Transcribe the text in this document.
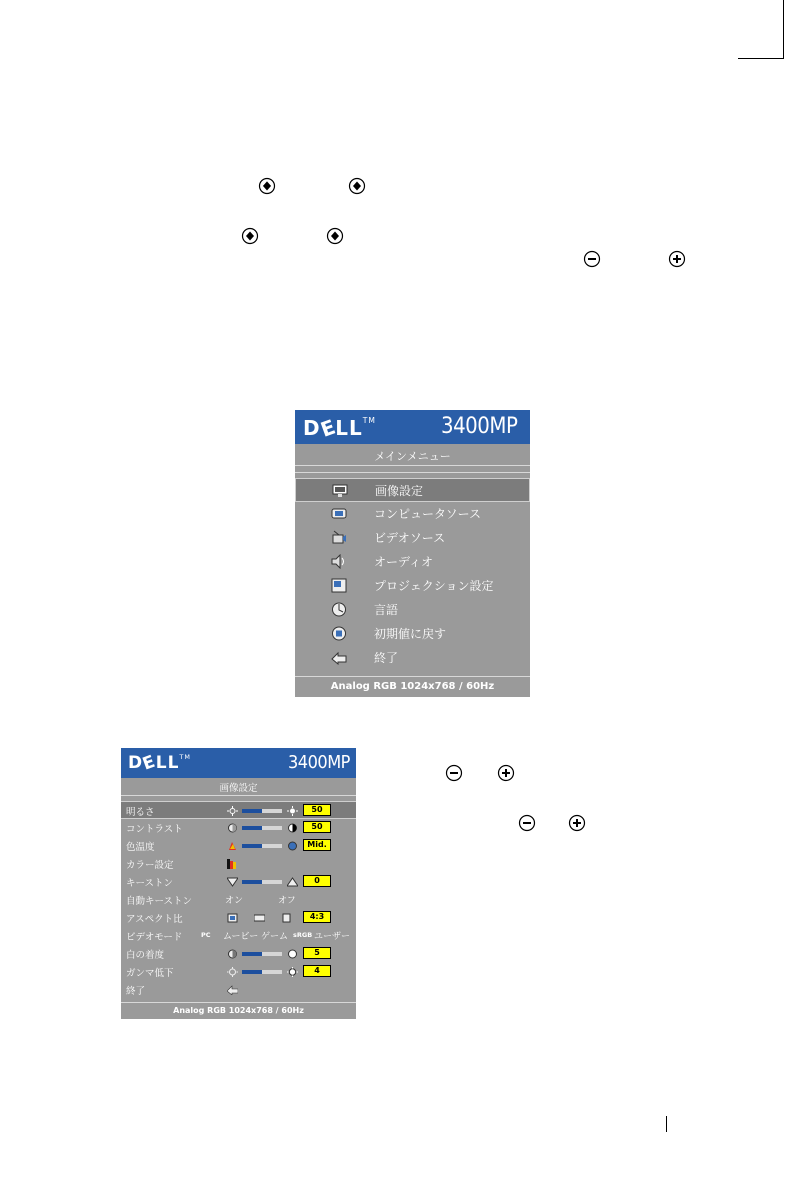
DELL™	3400MP
メインメニュー
画像設定
コンピュータソース
ビデオソース
オーディオ
プロジェクション設定
言語
初期値に戻す
終了
Analog RGB 1024x768 / 60Hz
DELL™	3400MP
画像設定
明るさ	50
コントラスト	50
色温度	Mid.
カラー設定
キーストン	0
自動キーストン	オン	オフ
アスペクト比	4:3
ビデオモード	PC ムービー ゲーム sRGB ユーザー
白の着度	5
ガンマ低下	4
終了
Analog RGB 1024x768 / 60Hz
